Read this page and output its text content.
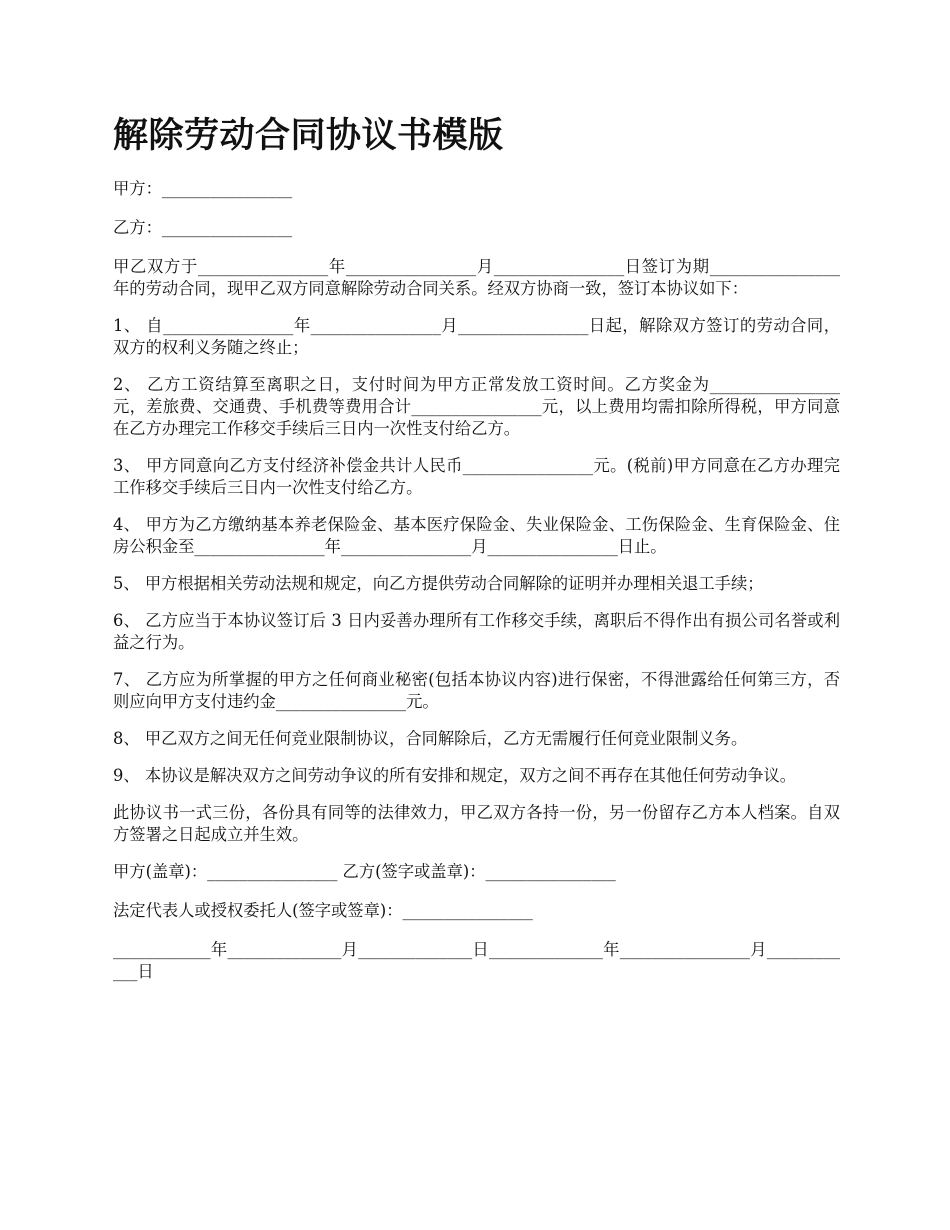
解除劳动合同协议书模版

甲方：________________

乙方：________________

甲乙双方于________________年________________月________________日签订为期________________年的劳动合同，现甲乙双方同意解除劳动合同关系。经双方协商一致，签订本协议如下：

1、 自________________年________________月________________日起，解除双方签订的劳动合同，双方的权利义务随之终止；

2、 乙方工资结算至离职之日，支付时间为甲方正常发放工资时间。乙方奖金为________________元，差旅费、交通费、手机费等费用合计________________元，以上费用均需扣除所得税，甲方同意在乙方办理完工作移交手续后三日内一次性支付给乙方。

3、 甲方同意向乙方支付经济补偿金共计人民币________________元。(税前)甲方同意在乙方办理完工作移交手续后三日内一次性支付给乙方。

4、 甲方为乙方缴纳基本养老保险金、基本医疗保险金、失业保险金、工伤保险金、生育保险金、住房公积金至________________年________________月________________日止。

5、 甲方根据相关劳动法规和规定，向乙方提供劳动合同解除的证明并办理相关退工手续；

6、 乙方应当于本协议签订后 3 日内妥善办理所有工作移交手续，离职后不得作出有损公司名誉或利益之行为。

7、 乙方应为所掌握的甲方之任何商业秘密(包括本协议内容)进行保密，不得泄露给任何第三方，否则应向甲方支付违约金________________元。

8、 甲乙双方之间无任何竞业限制协议，合同解除后，乙方无需履行任何竞业限制义务。

9、 本协议是解决双方之间劳动争议的所有安排和规定，双方之间不再存在其他任何劳动争议。

此协议书一式三份，各份具有同等的法律效力，甲乙双方各持一份，另一份留存乙方本人档案。自双方签署之日起成立并生效。

甲方(盖章)：________________ 乙方(签字或盖章)：________________

法定代表人或授权委托人(签字或签章)：________________

____________年______________月______________日______________年________________月____________日
